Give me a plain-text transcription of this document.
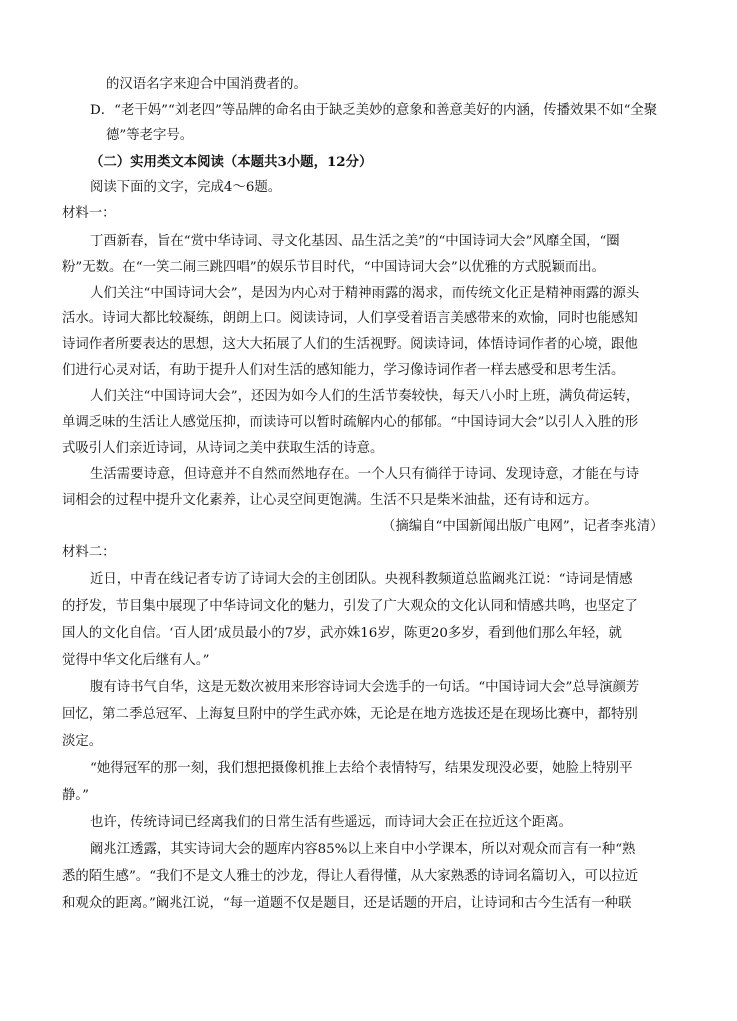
的汉语名字来迎合中国消费者的。
D．“老干妈”“刘老四”等品牌的命名由于缺乏美妙的意象和善意美好的内涵，传播效果不如“全聚
德”等老字号。
（二）实用类文本阅读（本题共3小题，12分）
阅读下面的文字，完成4～6题。
材料一：
丁酉新春，旨在“赏中华诗词、寻文化基因、品生活之美”的“中国诗词大会”风靡全国，“圈
粉”无数。在“一笑二闹三跳四唱”的娱乐节目时代，“中国诗词大会”以优雅的方式脱颖而出。
人们关注“中国诗词大会”，是因为内心对于精神雨露的渴求，而传统文化正是精神雨露的源头
活水。诗词大都比较凝练，朗朗上口。阅读诗词，人们享受着语言美感带来的欢愉，同时也能感知
诗词作者所要表达的思想，这大大拓展了人们的生活视野。阅读诗词，体悟诗词作者的心境，跟他
们进行心灵对话，有助于提升人们对生活的感知能力，学习像诗词作者一样去感受和思考生活。
人们关注“中国诗词大会”，还因为如今人们的生活节奏较快，每天八小时上班，满负荷运转，
单调乏味的生活让人感觉压抑，而读诗可以暂时疏解内心的郁郁。“中国诗词大会”以引人入胜的形
式吸引人们亲近诗词，从诗词之美中获取生活的诗意。
生活需要诗意，但诗意并不自然而然地存在。一个人只有徜徉于诗词、发现诗意，才能在与诗
词相会的过程中提升文化素养，让心灵空间更饱满。生活不只是柴米油盐，还有诗和远方。
（摘编自“中国新闻出版广电网”，记者李兆清）
材料二：
近日，中青在线记者专访了诗词大会的主创团队。央视科教频道总监阚兆江说：“诗词是情感
的抒发，节目集中展现了中华诗词文化的魅力，引发了广大观众的文化认同和情感共鸣，也坚定了
国人的文化自信。‘百人团’成员最小的7岁，武亦姝16岁，陈更20多岁，看到他们那么年轻，就
觉得中华文化后继有人。”
腹有诗书气自华，这是无数次被用来形容诗词大会选手的一句话。“中国诗词大会”总导演颜芳
回忆，第二季总冠军、上海复旦附中的学生武亦姝，无论是在地方选拔还是在现场比赛中，都特别
淡定。
“她得冠军的那一刻，我们想把摄像机推上去给个表情特写，结果发现没必要，她脸上特别平
静。”
也许，传统诗词已经离我们的日常生活有些遥远，而诗词大会正在拉近这个距离。
阚兆江透露，其实诗词大会的题库内容85%以上来自中小学课本，所以对观众而言有一种“熟
悉的陌生感”。“我们不是文人雅士的沙龙，得让人看得懂，从大家熟悉的诗词名篇切入，可以拉近
和观众的距离。”阚兆江说，“每一道题不仅是题目，还是话题的开启，让诗词和古今生活有一种联
